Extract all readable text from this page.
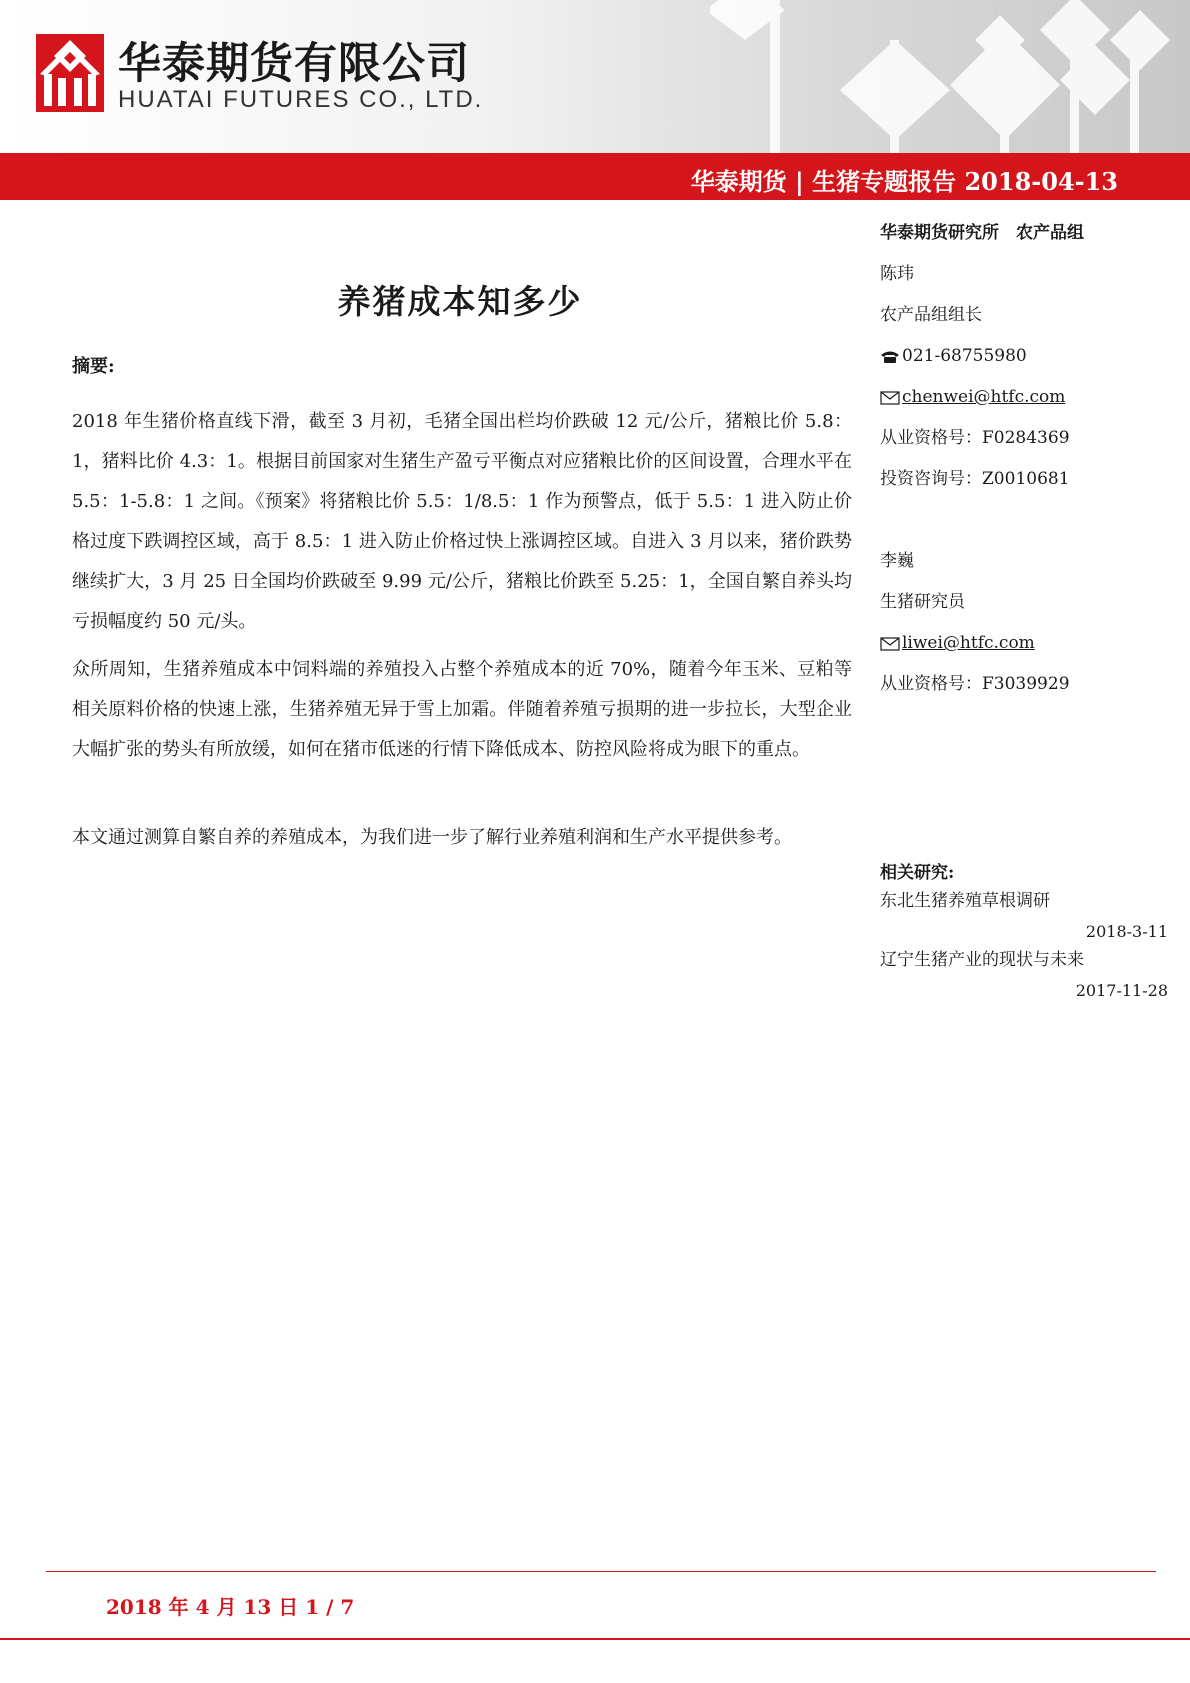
华泰期货有限公司
HUATAI FUTURES CO., LTD.
华泰期货 | 生猪专题报告 2018-04-13
养猪成本知多少
摘要:
2018 年生猪价格直线下滑，截至 3 月初，毛猪全国出栏均价跌破 12 元/公斤，猪粮比价 5.8：1，猪料比价 4.3：1。根据目前国家对生猪生产盈亏平衡点对应猪粮比价的区间设置，合理水平在 5.5：1-5.8：1 之间。《预案》将猪粮比价 5.5：1/8.5：1 作为预警点，低于 5.5：1 进入防止价格过度下跌调控区域，高于 8.5：1 进入防止价格过快上涨调控区域。自进入 3 月以来，猪价跌势继续扩大，3 月 25 日全国均价跌破至 9.99 元/公斤，猪粮比价跌至 5.25：1，全国自繁自养头均亏损幅度约 50 元/头。
众所周知，生猪养殖成本中饲料端的养殖投入占整个养殖成本的近 70%，随着今年玉米、豆粕等相关原料价格的快速上涨，生猪养殖无异于雪上加霜。伴随着养殖亏损期的进一步拉长，大型企业大幅扩张的势头有所放缓，如何在猪市低迷的行情下降低成本、防控风险将成为眼下的重点。
本文通过测算自繁自养的养殖成本，为我们进一步了解行业养殖利润和生产水平提供参考。
华泰期货研究所　农产品组
陈玮
农产品组组长
021-68755980
chenwei@htfc.com
从业资格号：F0284369
投资咨询号：Z0010681
李巍
生猪研究员
liwei@htfc.com
从业资格号：F3039929
相关研究:
东北生猪养殖草根调研
2018-3-11
辽宁生猪产业的现状与未来
2017-11-28
2018 年 4 月 13 日 1 / 7
